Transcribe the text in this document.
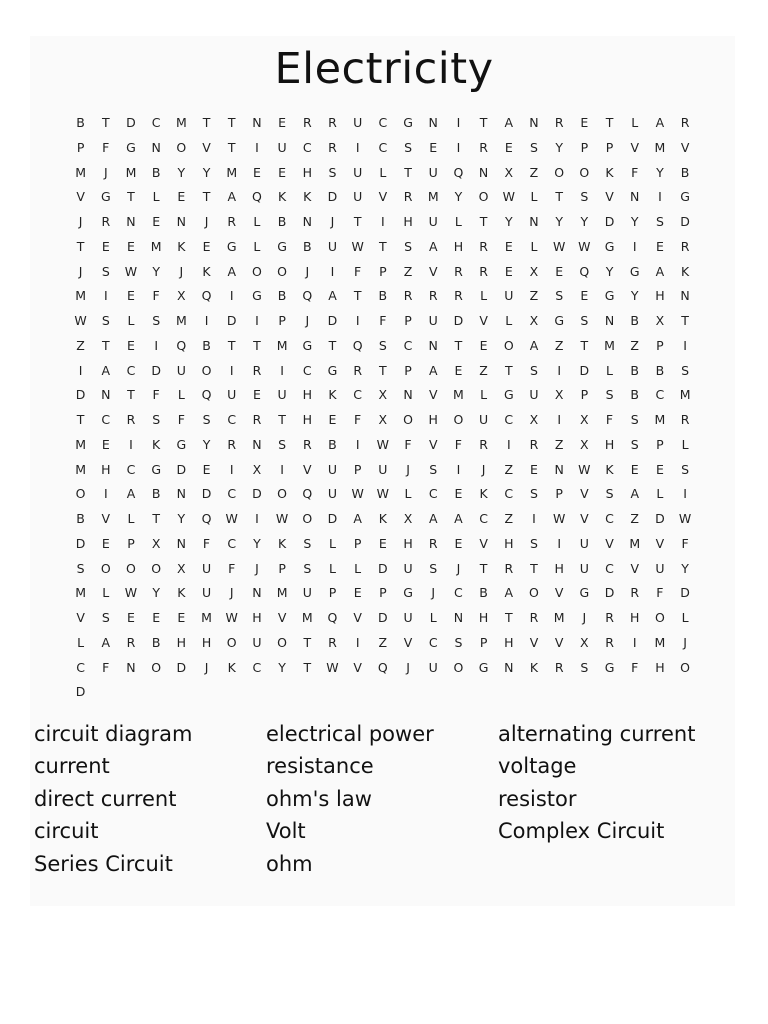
Electricity
B	T	D	C	M	T	T	N	E	R	R	U	C	G	N	I	T	A	N	R	E	T	L	A	R
P	F	G	N	O	V	T	I	U	C	R	I	C	S	E	I	R	E	S	Y	P	P	V	M	V
M	J	M	B	Y	Y	M	E	E	H	S	U	L	T	U	Q	N	X	Z	O	O	K	F	Y	B
V	G	T	L	E	T	A	Q	K	K	D	U	V	R	M	Y	O	W	L	T	S	V	N	I	G
J	R	N	E	N	J	R	L	B	N	J	T	I	H	U	L	T	Y	N	Y	Y	D	Y	S	D
T	E	E	M	K	E	G	L	G	B	U	W	T	S	A	H	R	E	L	W	W	G	I	E	R
J	S	W	Y	J	K	A	O	O	J	I	F	P	Z	V	R	R	E	X	E	Q	Y	G	A	K
M	I	E	F	X	Q	I	G	B	Q	A	T	B	R	R	R	L	U	Z	S	E	G	Y	H	N
W	S	L	S	M	I	D	I	P	J	D	I	F	P	U	D	V	L	X	G	S	N	B	X	T
Z	T	E	I	Q	B	T	T	M	G	T	Q	S	C	N	T	E	O	A	Z	T	M	Z	P	I
I	A	C	D	U	O	I	R	I	C	G	R	T	P	A	E	Z	T	S	I	D	L	B	B	S
D	N	T	F	L	Q	U	E	U	H	K	C	X	N	V	M	L	G	U	X	P	S	B	C	M
T	C	R	S	F	S	C	R	T	H	E	F	X	O	H	O	U	C	X	I	X	F	S	M	R
M	E	I	K	G	Y	R	N	S	R	B	I	W	F	V	F	R	I	R	Z	X	H	S	P	L
M	H	C	G	D	E	I	X	I	V	U	P	U	J	S	I	J	Z	E	N	W	K	E	E	S
O	I	A	B	N	D	C	D	O	Q	U	W	W	L	C	E	K	C	S	P	V	S	A	L	I
B	V	L	T	Y	Q	W	I	W	O	D	A	K	X	A	A	C	Z	I	W	V	C	Z	D	W
D	E	P	X	N	F	C	Y	K	S	L	P	E	H	R	E	V	H	S	I	U	V	M	V	F
S	O	O	O	X	U	F	J	P	S	L	L	D	U	S	J	T	R	T	H	U	C	V	U	Y
M	L	W	Y	K	U	J	N	M	U	P	E	P	G	J	C	B	A	O	V	G	D	R	F	D
V	S	E	E	E	M	W	H	V	M	Q	V	D	U	L	N	H	T	R	M	J	R	H	O	L
L	A	R	B	H	H	O	U	O	T	R	I	Z	V	C	S	P	H	V	V	X	R	I	M	J
C	F	N	O	D	J	K	C	Y	T	W	V	Q	J	U	O	G	N	K	R	S	G	F	H	O
D
circuit diagram
current
direct current
circuit
Series Circuit
electrical power
resistance
ohm's law
Volt
ohm
alternating current
voltage
resistor
Complex Circuit
